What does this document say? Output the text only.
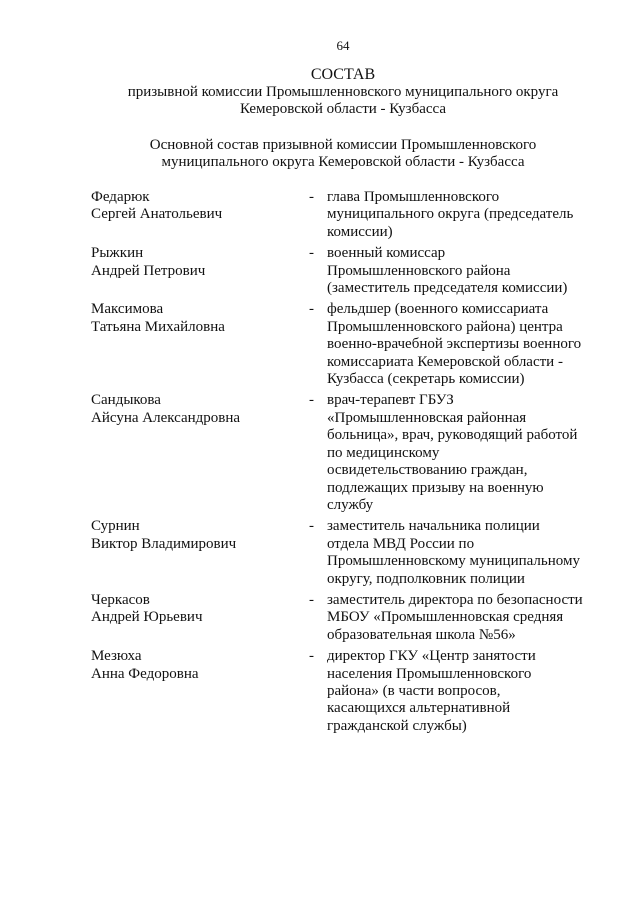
64
СОСТАВ
призывной комиссии Промышленновского муниципального округа
Кемеровской области - Кузбасса
Основной состав призывной комиссии Промышленновского
муниципального округа Кемеровской области - Кузбасса
Федарюк
Сергей Анатольевич
- глава Промышленновского
муниципального округа (председатель
комиссии)
Рыжкин
Андрей Петрович
- военный комиссар
Промышленновского района
(заместитель председателя комиссии)
Максимова
Татьяна Михайловна
- фельдшер (военного комиссариата
Промышленновского района) центра
военно-врачебной экспертизы военного
комиссариата Кемеровской области -
Кузбасса (секретарь комиссии)
Сандыкова
Айсуна Александровна
- врач-терапевт ГБУЗ
«Промышленновская районная
больница», врач, руководящий работой
по медицинскому
освидетельствованию граждан,
подлежащих призыву на военную
службу
Сурнин
Виктор Владимирович
- заместитель начальника полиции
отдела МВД России по
Промышленновскому муниципальному
округу, подполковник полиции
Черкасов
Андрей Юрьевич
- заместитель директора по безопасности
МБОУ «Промышленновская средняя
образовательная школа №56»
Мезюха
Анна Федоровна
- директор ГКУ «Центр занятости
населения Промышленновского
района» (в части вопросов,
касающихся альтернативной
гражданской службы)
